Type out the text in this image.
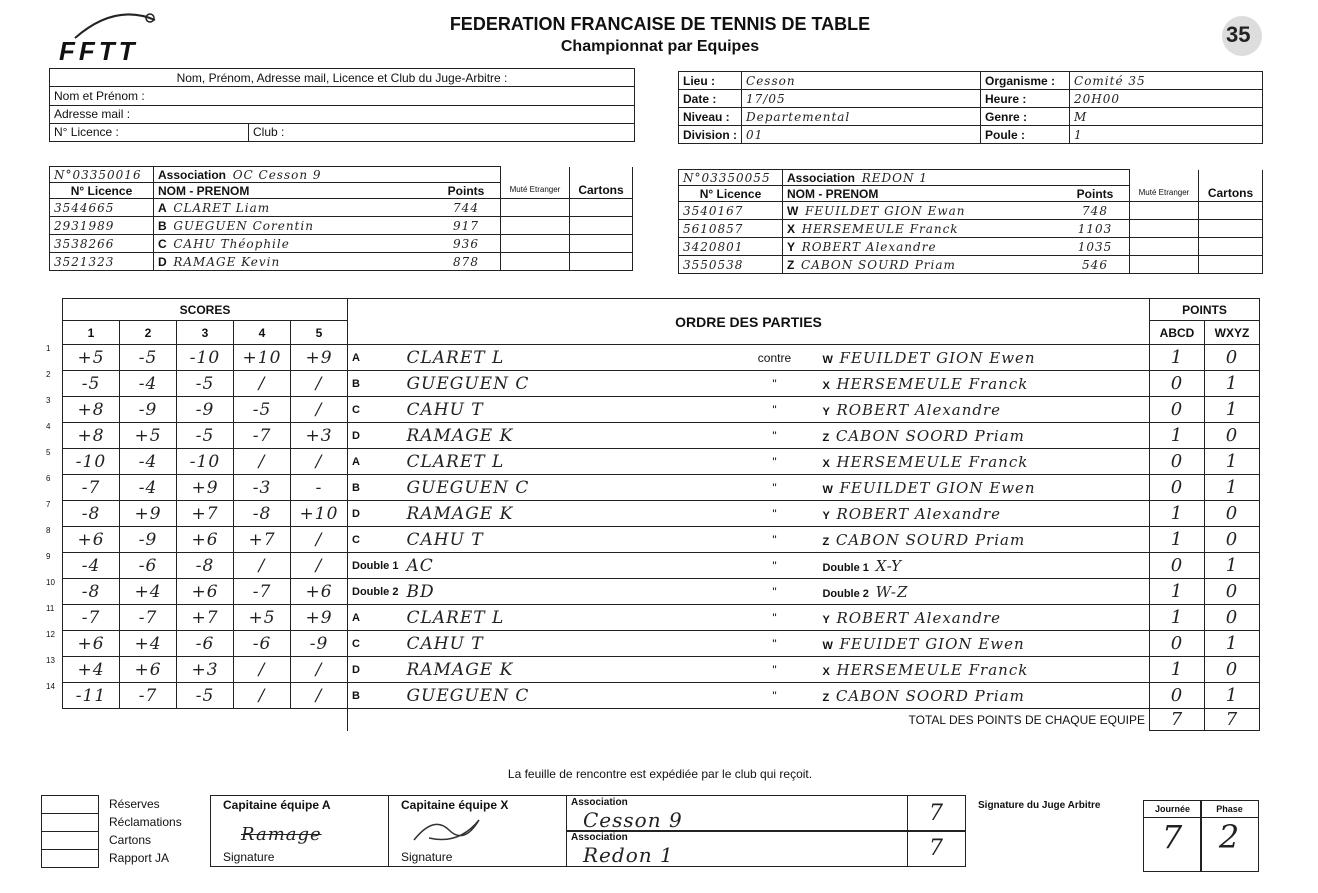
FFTT
35
FEDERATION FRANCAISE DE TENNIS DE TABLE
Championnat par Equipes
Nom, Prénom, Adresse mail, Licence et Club du Juge-Arbitre :
Nom et Prénom :
Adresse mail :
N° Licence :	Club :
Lieu :	Cesson	Organisme :	Comité 35
Date :	17/05	Heure :	20H00
Niveau :	Departemental	Genre :	M
Division :	01	Poule :	1
N°03350016	Association OC Cesson 9			
N° Licence	NOM - PRENOM	Points	Muté Etranger	Cartons
3544665	A CLARET Liam	744		
2931989	B GUEGUEN Corentin	917		
3538266	C CAHU Théophile	936		
3521323	D RAMAGE Kevin	878		
N°03350055	Association REDON 1			
N° Licence	NOM - PRENOM	Points	Muté Etranger	Cartons
3540167	W FEUILDET GION Ewan	748		
5610857	X HERSEMEULE Franck	1103		
3420801	Y ROBERT Alexandre	1035		
3550538	Z CABON SOURD Priam	546		
	SCORES					ORDRE DES PARTIES				POINTS	
	1	2	3	4	5					ABCD	WXYZ
1	+5	-5	-10	+10	+9	A	CLARET L	contre	W FEUILDET GION Ewen	1	0
2	-5	-4	-5	/	/	B	GUEGUEN C	"	X HERSEMEULE Franck	0	1
3	+8	-9	-9	-5	/	C	CAHU T	"	Y ROBERT Alexandre	0	1
4	+8	+5	-5	-7	+3	D	RAMAGE K	"	Z CABON SOORD Priam	1	0
5	-10	-4	-10	/	/	A	CLARET L	"	X HERSEMEULE Franck	0	1
6	-7	-4	+9	-3	-	B	GUEGUEN C	"	W FEUILDET GION Ewen	0	1
7	-8	+9	+7	-8	+10	D	RAMAGE K	"	Y ROBERT Alexandre	1	0
8	+6	-9	+6	+7	/	C	CAHU T	"	Z CABON SOURD Priam	1	0
9	-4	-6	-8	/	/	Double 1	AC	"	Double 1 X-Y	0	1
10	-8	+4	+6	-7	+6	Double 2	BD	"	Double 2 W-Z	1	0
11	-7	-7	+7	+5	+9	A	CLARET L	"	Y ROBERT Alexandre	1	0
12	+6	+4	-6	-6	-9	C	CAHU T	"	W FEUIDET GION Ewen	0	1
13	+4	+6	+3	/	/	D	RAMAGE K	"	X HERSEMEULE Franck	1	0
14	-11	-7	-5	/	/	B	GUEGUEN C	"	Z CABON SOORD Priam	0	1
						TOTAL DES POINTS DE CHAQUE EQUIPE				7	7
La feuille de rencontre est expédiée par le club qui reçoit.
Réserves
Réclamations
Cartons
Rapport JA
Capitaine équipe A
Ramage
Signature
Capitaine équipe X
Signature
Association
Cesson 9
Association
Redon 1
7
7
Signature du Juge Arbitre	Journée
7
Phase
2
